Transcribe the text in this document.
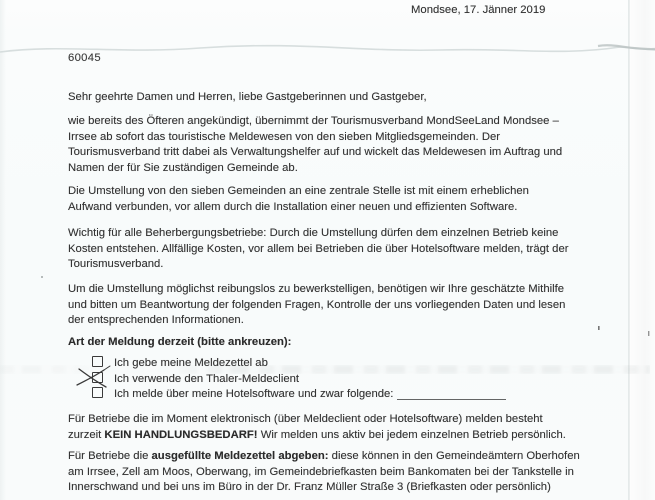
Mondsee, 17. Jänner 2019
60045
Sehr geehrte Damen und Herren, liebe Gastgeberinnen und Gastgeber,
wie bereits des Öfteren angekündigt, übernimmt der Tourismusverband MondSeeLand Mondsee –
Irrsee ab sofort das touristische Meldewesen von den sieben Mitgliedsgemeinden. Der
Tourismusverband tritt dabei als Verwaltungshelfer auf und wickelt das Meldewesen im Auftrag und
Namen der für Sie zuständigen Gemeinde ab.
Die Umstellung von den sieben Gemeinden an eine zentrale Stelle ist mit einem erheblichen
Aufwand verbunden, vor allem durch die Installation einer neuen und effizienten Software.
Wichtig für alle Beherbergungsbetriebe: Durch die Umstellung dürfen dem einzelnen Betrieb keine
Kosten entstehen. Allfällige Kosten, vor allem bei Betrieben die über Hotelsoftware melden, trägt der
Tourismusverband.
Um die Umstellung möglichst reibungslos zu bewerkstelligen, benötigen wir Ihre geschätzte Mithilfe
und bitten um Beantwortung der folgenden Fragen, Kontrolle der uns vorliegenden Daten und lesen
der entsprechenden Informationen.
Art der Meldung derzeit (bitte ankreuzen):
Ich gebe meine Meldezettel ab
Ich verwende den Thaler-Meldeclient
Ich melde über meine Hotelsoftware und zwar folgende:
Für Betriebe die im Moment elektronisch (über Meldeclient oder Hotelsoftware) melden besteht
zurzeit KEIN HANDLUNGSBEDARF! Wir melden uns aktiv bei jedem einzelnen Betrieb persönlich.
Für Betriebe die ausgefüllte Meldezettel abgeben: diese können in den Gemeindeämtern Oberhofen
am Irrsee, Zell am Moos, Oberwang, im Gemeindebriefkasten beim Bankomaten bei der Tankstelle in
Innerschwand und bei uns im Büro in der Dr. Franz Müller Straße 3 (Briefkasten oder persönlich)
